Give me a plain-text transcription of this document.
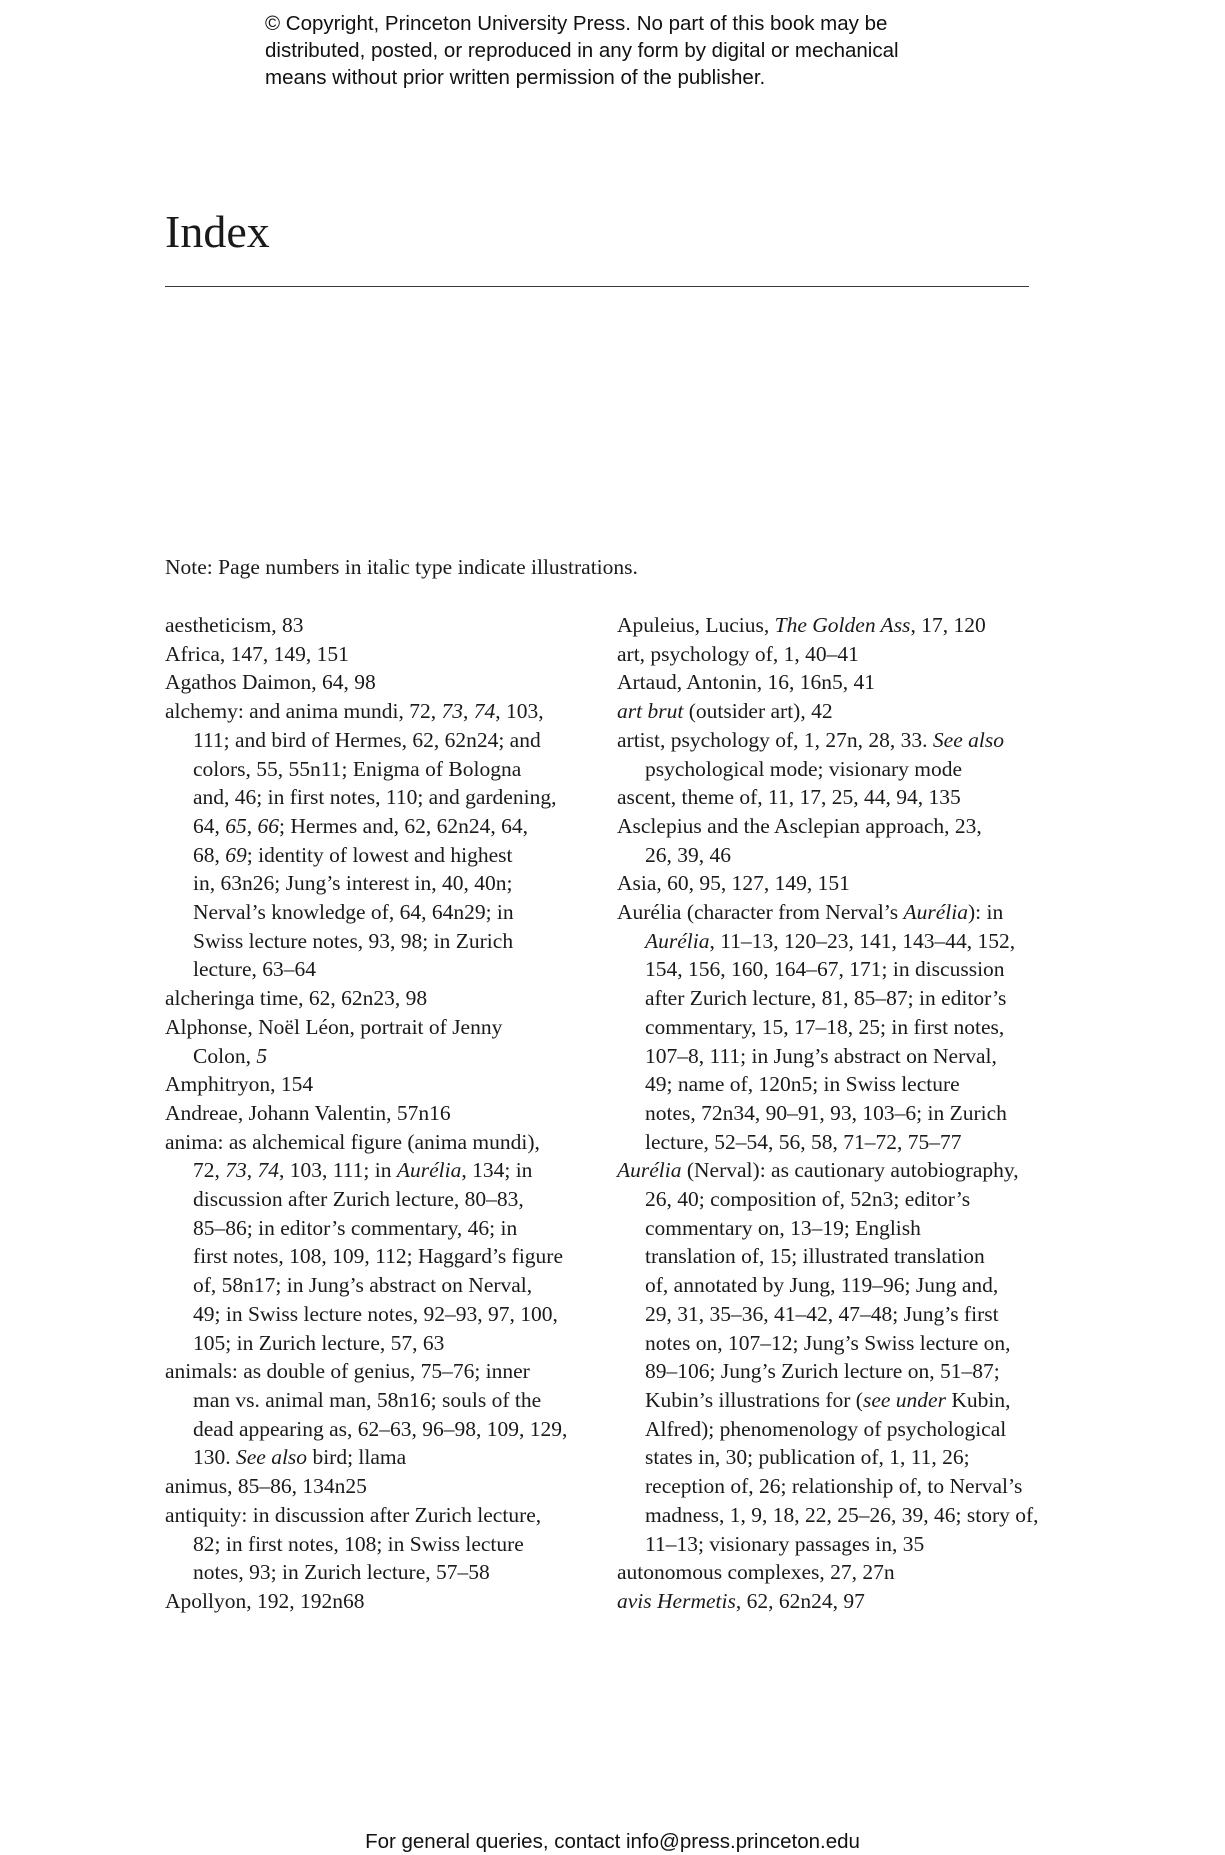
© Copyright, Princeton University Press. No part of this book may be
distributed, posted, or reproduced in any form by digital or mechanical
means without prior written permission of the publisher.
Index
Note: Page numbers in italic type indicate illustrations.
aestheticism, 83
Africa, 147, 149, 151
Agathos Daimon, 64, 98
alchemy: and anima mundi, 72, 73, 74, 103,
111; and bird of Hermes, 62, 62n24; and
colors, 55, 55n11; Enigma of Bologna
and, 46; in first notes, 110; and gardening,
64, 65, 66; Hermes and, 62, 62n24, 64,
68, 69; identity of lowest and highest
in, 63n26; Jung’s interest in, 40, 40n;
Nerval’s knowledge of, 64, 64n29; in
Swiss lecture notes, 93, 98; in Zurich
lecture, 63–64
alcheringa time, 62, 62n23, 98
Alphonse, Noël Léon, portrait of Jenny
Colon, 5
Amphitryon, 154
Andreae, Johann Valentin, 57n16
anima: as alchemical figure (anima mundi),
72, 73, 74, 103, 111; in Aurélia, 134; in
discussion after Zurich lecture, 80–83,
85–86; in editor’s commentary, 46; in
first notes, 108, 109, 112; Haggard’s figure
of, 58n17; in Jung’s abstract on Nerval,
49; in Swiss lecture notes, 92–93, 97, 100,
105; in Zurich lecture, 57, 63
animals: as double of genius, 75–76; inner
man vs. animal man, 58n16; souls of the
dead appearing as, 62–63, 96–98, 109, 129,
130. See also bird; llama
animus, 85–86, 134n25
antiquity: in discussion after Zurich lecture,
82; in first notes, 108; in Swiss lecture
notes, 93; in Zurich lecture, 57–58
Apollyon, 192, 192n68
Apuleius, Lucius, The Golden Ass, 17, 120
art, psychology of, 1, 40–41
Artaud, Antonin, 16, 16n5, 41
art brut (outsider art), 42
artist, psychology of, 1, 27n, 28, 33. See also
psychological mode; visionary mode
ascent, theme of, 11, 17, 25, 44, 94, 135
Asclepius and the Asclepian approach, 23,
26, 39, 46
Asia, 60, 95, 127, 149, 151
Aurélia (character from Nerval’s Aurélia): in
Aurélia, 11–13, 120–23, 141, 143–44, 152,
154, 156, 160, 164–67, 171; in discussion
after Zurich lecture, 81, 85–87; in editor’s
commentary, 15, 17–18, 25; in first notes,
107–8, 111; in Jung’s abstract on Nerval,
49; name of, 120n5; in Swiss lecture
notes, 72n34, 90–91, 93, 103–6; in Zurich
lecture, 52–54, 56, 58, 71–72, 75–77
Aurélia (Nerval): as cautionary autobiography,
26, 40; composition of, 52n3; editor’s
commentary on, 13–19; English
translation of, 15; illustrated translation
of, annotated by Jung, 119–96; Jung and,
29, 31, 35–36, 41–42, 47–48; Jung’s first
notes on, 107–12; Jung’s Swiss lecture on,
89–106; Jung’s Zurich lecture on, 51–87;
Kubin’s illustrations for (see under Kubin,
Alfred); phenomenology of psychological
states in, 30; publication of, 1, 11, 26;
reception of, 26; relationship of, to Nerval’s
madness, 1, 9, 18, 22, 25–26, 39, 46; story of,
11–13; visionary passages in, 35
autonomous complexes, 27, 27n
avis Hermetis, 62, 62n24, 97
For general queries, contact info@press.princeton.edu
